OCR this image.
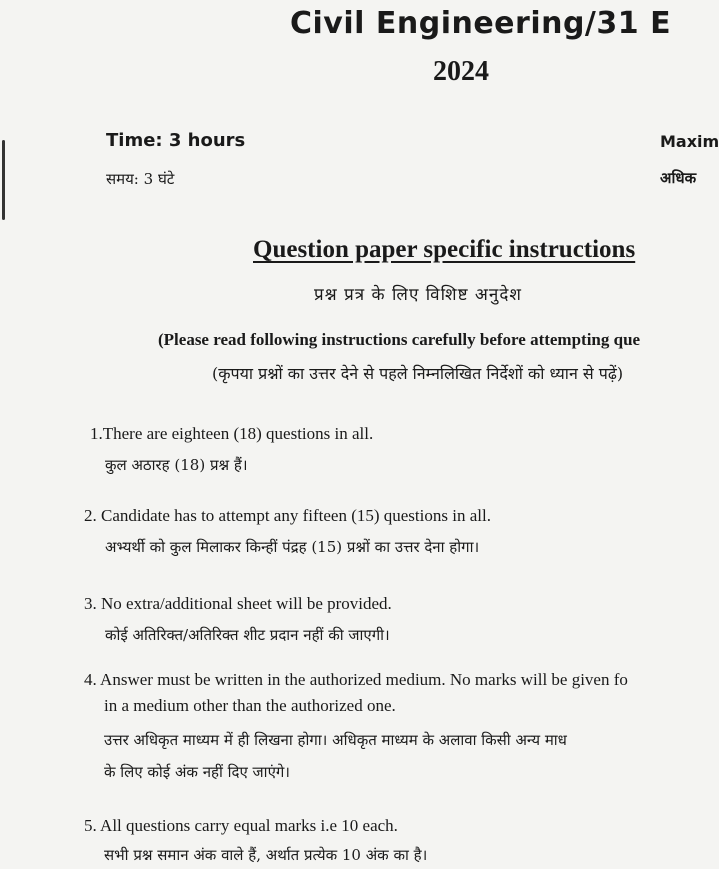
Civil Engineering/31 E
2024
Time: 3 hours	Maxim
समय: 3 घंटे	अधिक
Question paper specific instructions
प्रश्न प्रत्र के लिए विशिष्ट अनुदेश
(Please read following instructions carefully before attempting que
(कृपया प्रश्नों का उत्तर देने से पहले निम्नलिखित निर्देशों को ध्यान से पढ़ें)
1.There are eighteen (18) questions in all.
कुल अठारह (18) प्रश्न हैं।
2. Candidate has to attempt any fifteen (15) questions in all.
अभ्यर्थी को कुल मिलाकर किन्हीं पंद्रह (15) प्रश्नों का उत्तर देना होगा।
3. No extra/additional sheet will be provided.
कोई अतिरिक्त/अतिरिक्त शीट प्रदान नहीं की जाएगी।
4. Answer must be written in the authorized medium. No marks will be given fo
in a medium other than the authorized one.
उत्तर अधिकृत माध्यम में ही लिखना होगा। अधिकृत माध्यम के अलावा किसी अन्य माध
के लिए कोई अंक नहीं दिए जाएंगे।
5. All questions carry equal marks i.e 10 each.
सभी प्रश्न समान अंक वाले हैं, अर्थात प्रत्येक 10 अंक का है।
